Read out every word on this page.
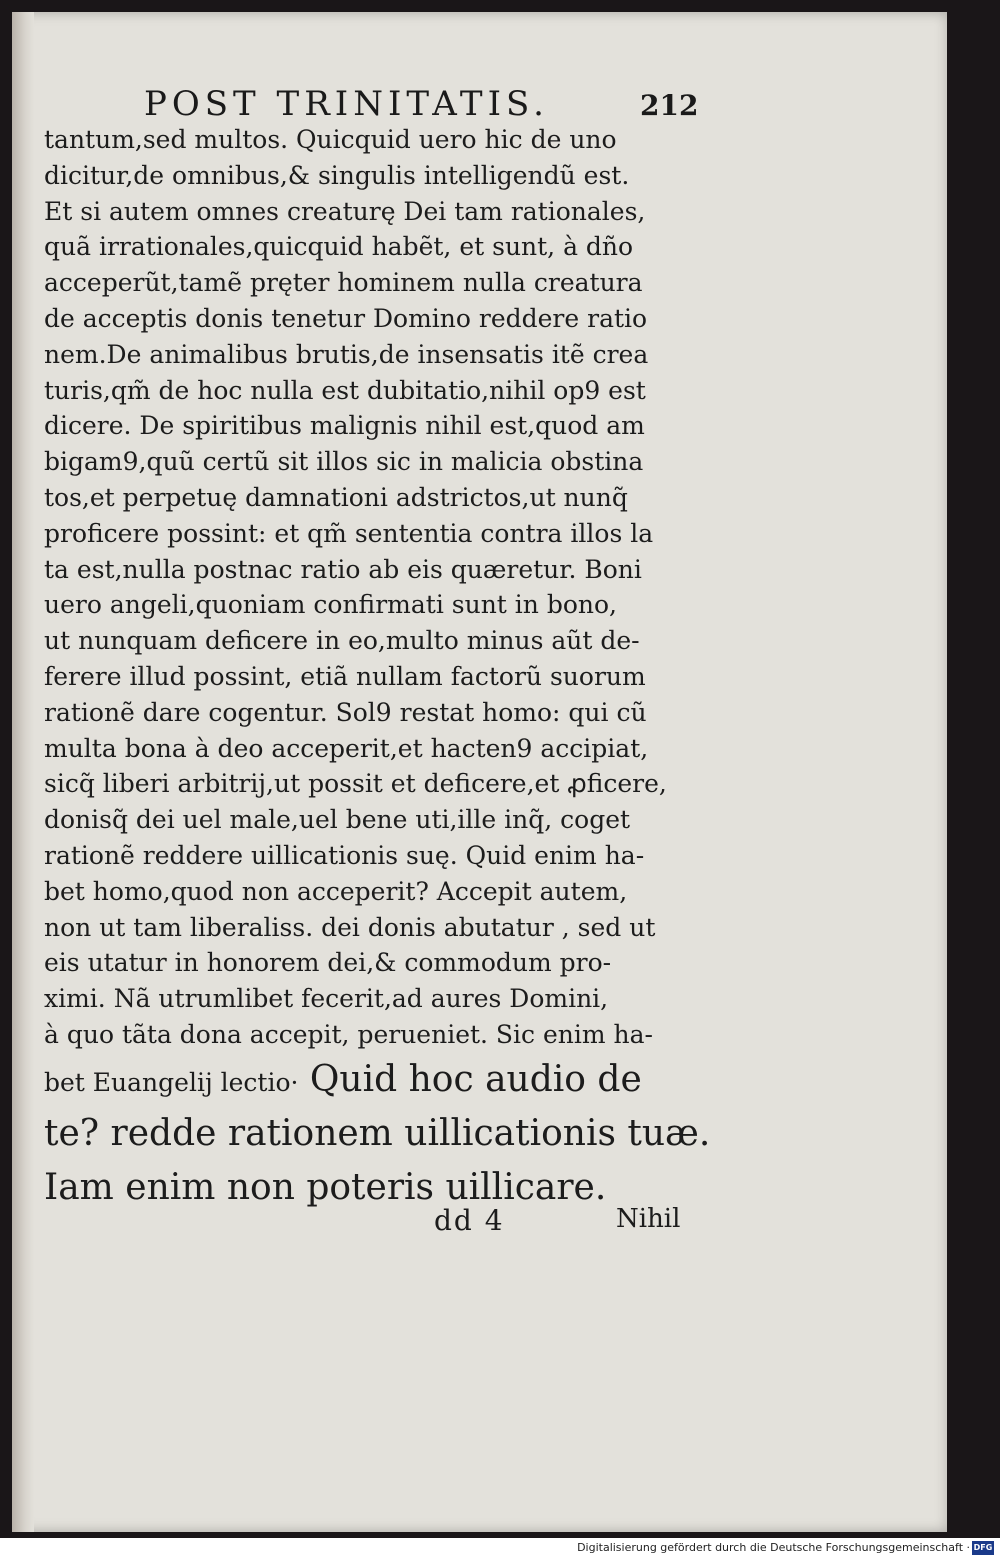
POST TRINITATIS.	212
tantum,sed multos. Quicquid uero hic de uno
dicitur,de omnibus,& singulis intelligendũ est.
Et si autem omnes creaturę Dei tam rationales,
quã irrationales,quicquid habẽt, et sunt, à dño
acceperũt,tamẽ pręter hominem nulla creatura
de acceptis donis tenetur Domino reddere ratio
nem.De animalibus brutis,de insensatis itẽ crea
turis,qm̃ de hoc nulla est dubitatio,nihil op9 est
dicere. De spiritibus malignis nihil est,quod am
bigam9,quũ certũ sit illos sic in malicia obstina
tos,et perpetuę damnationi adstrictos,ut nunq̃
proficere possint: et qm̃ sententia contra illos la
ta est,nulla postnac ratio ab eis quæretur. Boni
uero angeli,quoniam confirmati sunt in bono,
ut nunquam deficere in eo,multo minus aũt de-
ferere illud possint, etiã nullam factorũ suorum
rationẽ dare cogentur. Sol9 restat homo: qui cũ
multa bona à deo acceperit,et hacten9 accipiat,
sicq̃ liberi arbitrij,ut possit et deficere,et ꝓficere,
donisq̃ dei uel male,uel bene uti,ille inq̃, coget
rationẽ reddere uillicationis suę. Quid enim ha-
bet homo,quod non acceperit? Accepit autem,
non ut tam liberaliss. dei donis abutatur , sed ut
eis utatur in honorem dei,& commodum pro-
ximi. Nã utrumlibet fecerit,ad aures Domini,
à quo tãta dona accepit, perueniet. Sic enim ha-
bet Euangelij lectio· Quid hoc audio de
te? redde rationem uillicationis tuæ.
Iam enim non poteris uillicare.
dd 4	Nihil
Digitalisierung gefördert durch die Deutsche Forschungsgemeinschaft · DFG
